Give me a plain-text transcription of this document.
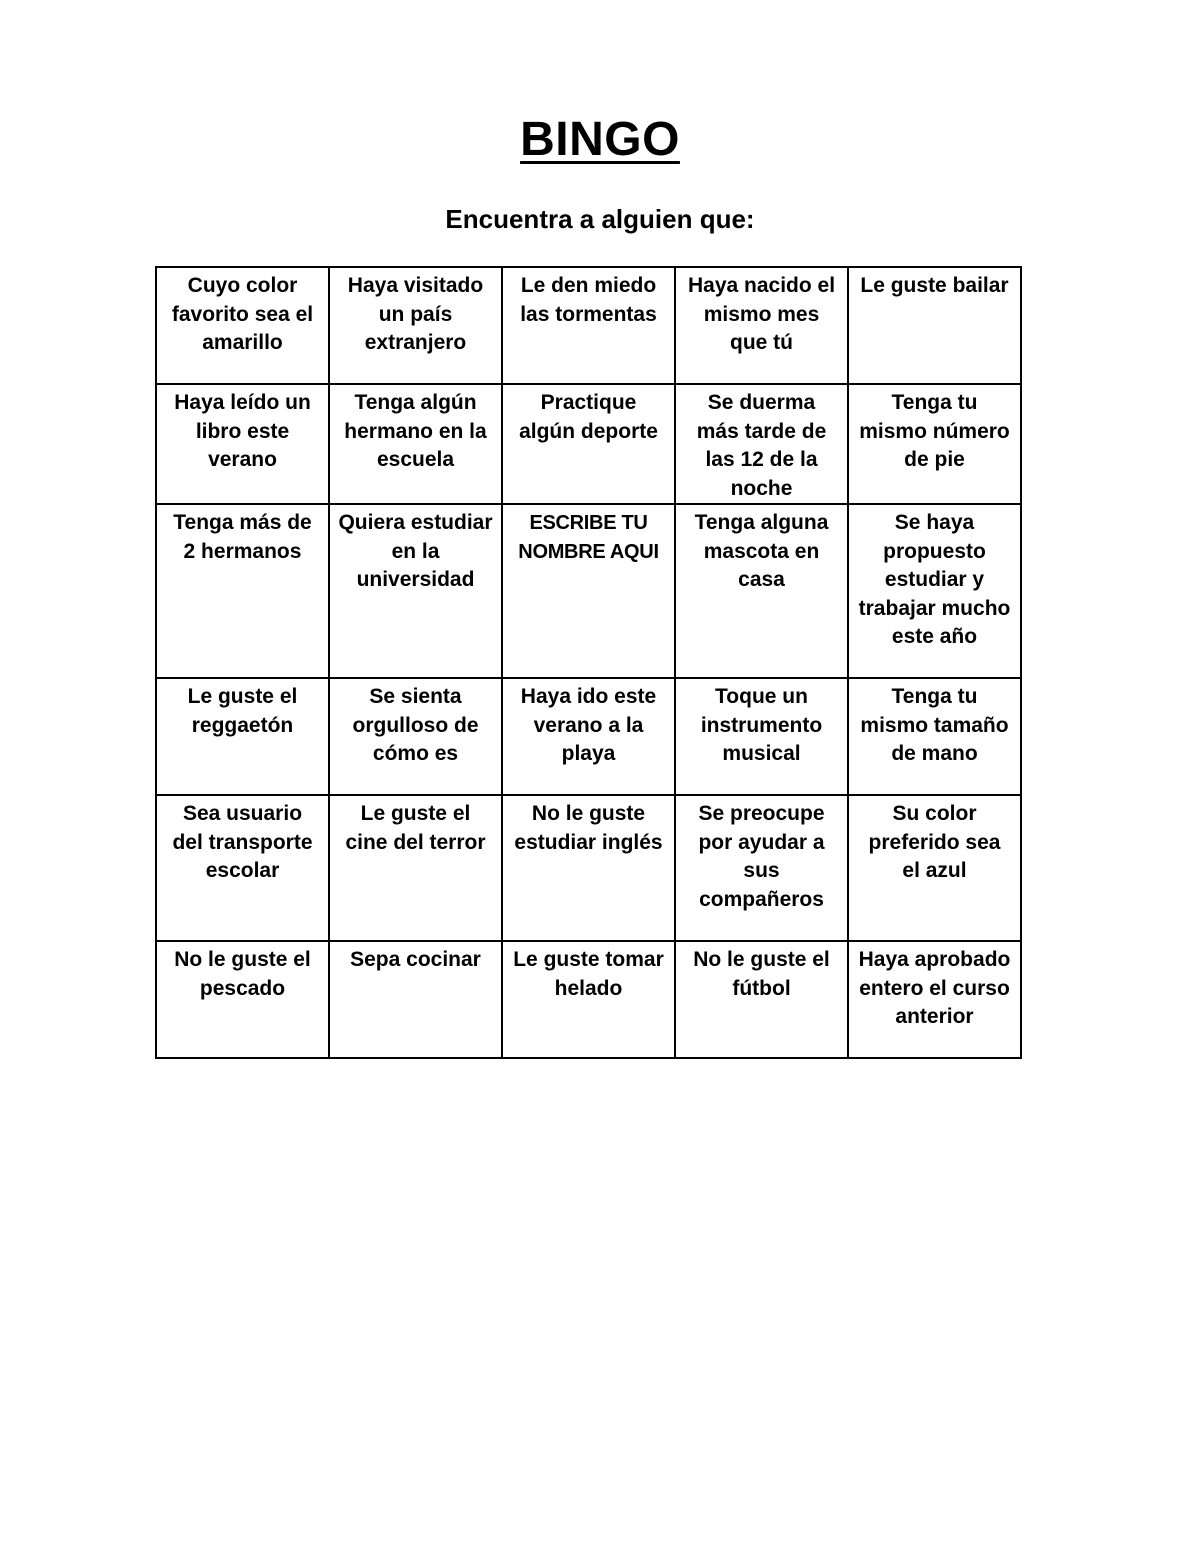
BINGO
Encuentra a alguien que:
Cuyo color favorito sea el amarillo	Haya visitado un país extranjero	Le den miedo las tormentas	Haya nacido el mismo mes que tú	Le guste bailar
Haya leído un libro este verano	Tenga algún hermano en la escuela	Practique algún deporte	Se duerma más tarde de las 12 de la noche	Tenga tu mismo número de pie
Tenga más de 2 hermanos	Quiera estudiar en la universidad	ESCRIBE TU NOMBRE AQUI	Tenga alguna mascota en casa	Se haya propuesto estudiar y trabajar mucho este año
Le guste el reggaetón	Se sienta orgulloso de cómo es	Haya ido este verano a la playa	Toque un instrumento musical	Tenga tu mismo tamaño de mano
Sea usuario del transporte escolar	Le guste el cine del terror	No le guste estudiar inglés	Se preocupe por ayudar a sus compañeros	Su color preferido sea el azul
No le guste el pescado	Sepa cocinar	Le guste tomar helado	No le guste el fútbol	Haya aprobado entero el curso anterior
